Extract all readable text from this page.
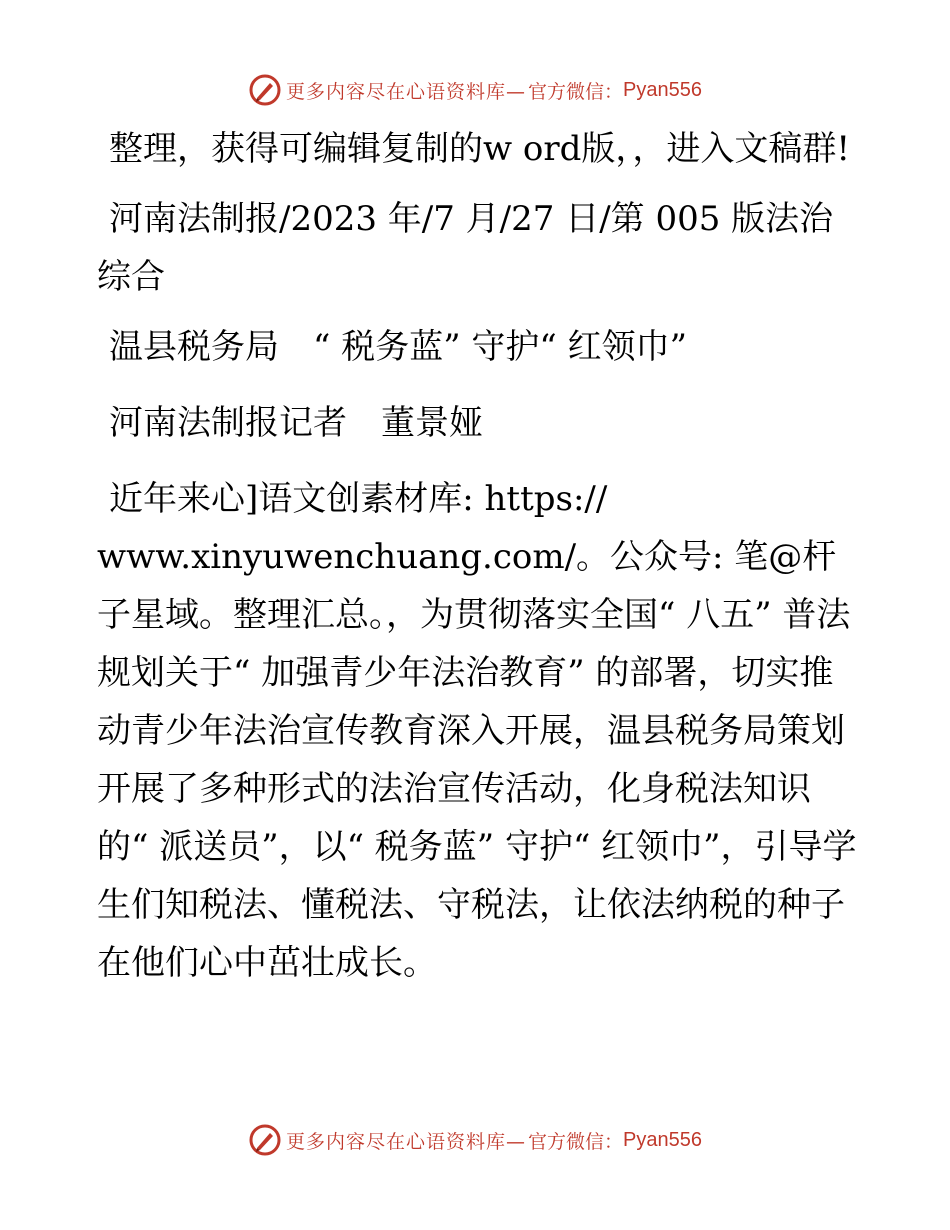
更多内容尽在心语资料库— 官方微信： Pyan556

整理，获得可编辑复制的w ord版，，进入文稿群!

河南法制报/2023 年/7 月/27 日/第 005 版法治综合

温县税务局　“ 税务蓝” 守护“ 红领巾”

河南法制报记者　董景娅

近年来心]语文创素材库: https:// www.xinyuwenchuang.com/。公众号: 笔@杆子星域。整理汇总。，为贯彻落实全国“ 八五” 普法规划关于“ 加强青少年法治教育” 的部署，切实推动青少年法治宣传教育深入开展，温县税务局策划开展了多种形式的法治宣传活动，化身税法知识的“ 派送员”，以“ 税务蓝” 守护“ 红领巾”，引导学生们知税法、懂税法、守税法，让依法纳税的种子在他们心中茁壮成长。

更多内容尽在心语资料库— 官方微信： Pyan556
